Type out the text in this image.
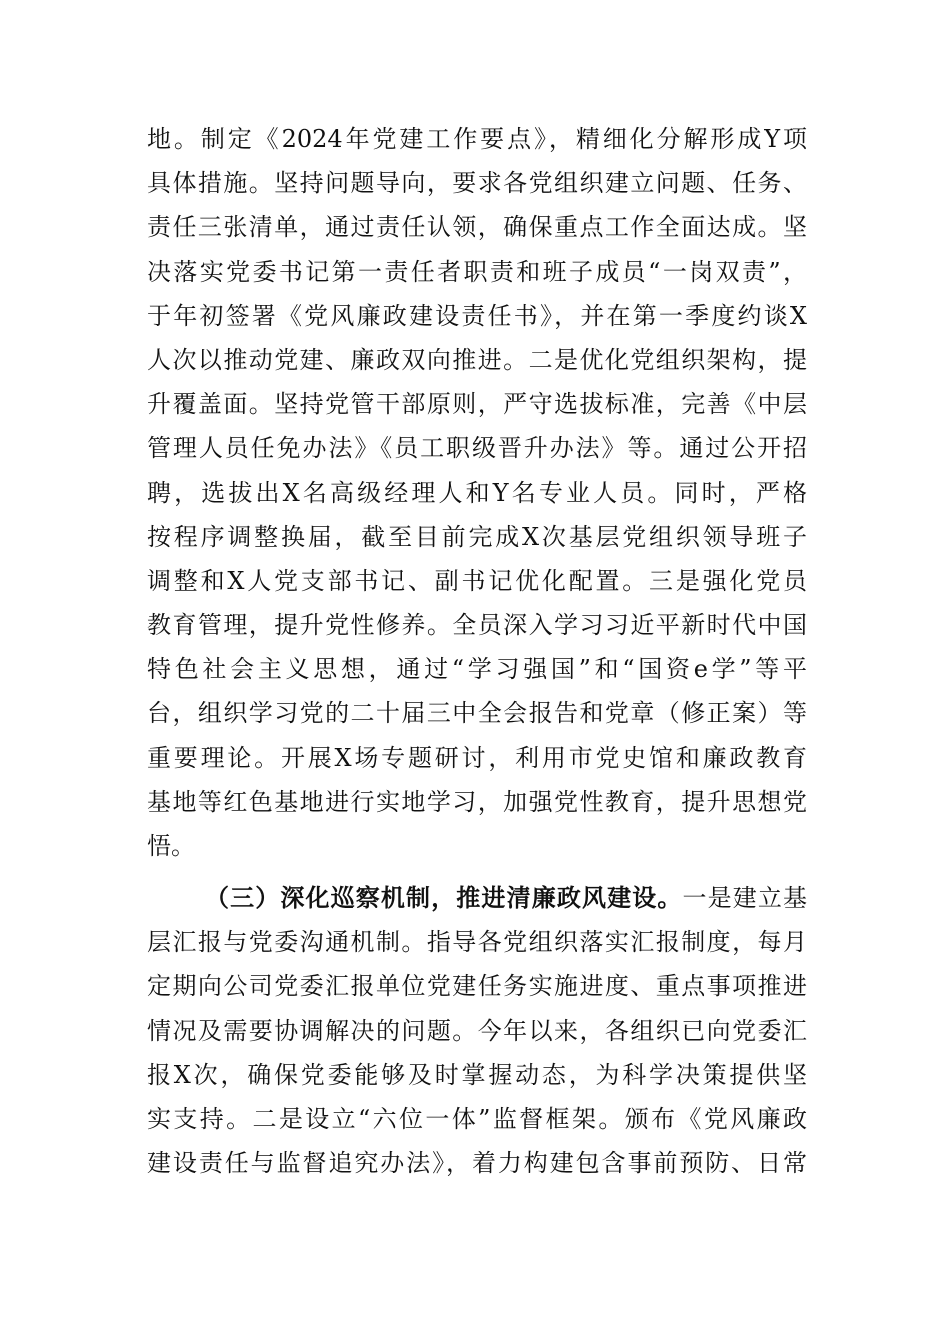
地。制定《2024年党建工作要点》，精细化分解形成Y项
具体措施。坚持问题导向，要求各党组织建立问题、任务、
责任三张清单，通过责任认领，确保重点工作全面达成。坚
决落实党委书记第一责任者职责和班子成员“一岗双责”，
于年初签署《党风廉政建设责任书》，并在第一季度约谈X
人次以推动党建、廉政双向推进。二是优化党组织架构，提
升覆盖面。坚持党管干部原则，严守选拔标准，完善《中层
管理人员任免办法》《员工职级晋升办法》等。通过公开招
聘，选拔出X名高级经理人和Y名专业人员。同时，严格
按程序调整换届，截至目前完成X次基层党组织领导班子
调整和X人党支部书记、副书记优化配置。三是强化党员
教育管理，提升党性修养。全员深入学习习近平新时代中国
特色社会主义思想，通过“学习强国”和“国资e学”等平
台，组织学习党的二十届三中全会报告和党章（修正案）等
重要理论。开展X场专题研讨，利用市党史馆和廉政教育
基地等红色基地进行实地学习，加强党性教育，提升思想党
悟。
（三）深化巡察机制，推进清廉政风建设。一是建立基
层汇报与党委沟通机制。指导各党组织落实汇报制度，每月
定期向公司党委汇报单位党建任务实施进度、重点事项推进
情况及需要协调解决的问题。今年以来，各组织已向党委汇
报X次，确保党委能够及时掌握动态，为科学决策提供坚
实支持。二是设立“六位一体”监督框架。颁布《党风廉政
建设责任与监督追究办法》，着力构建包含事前预防、日常
